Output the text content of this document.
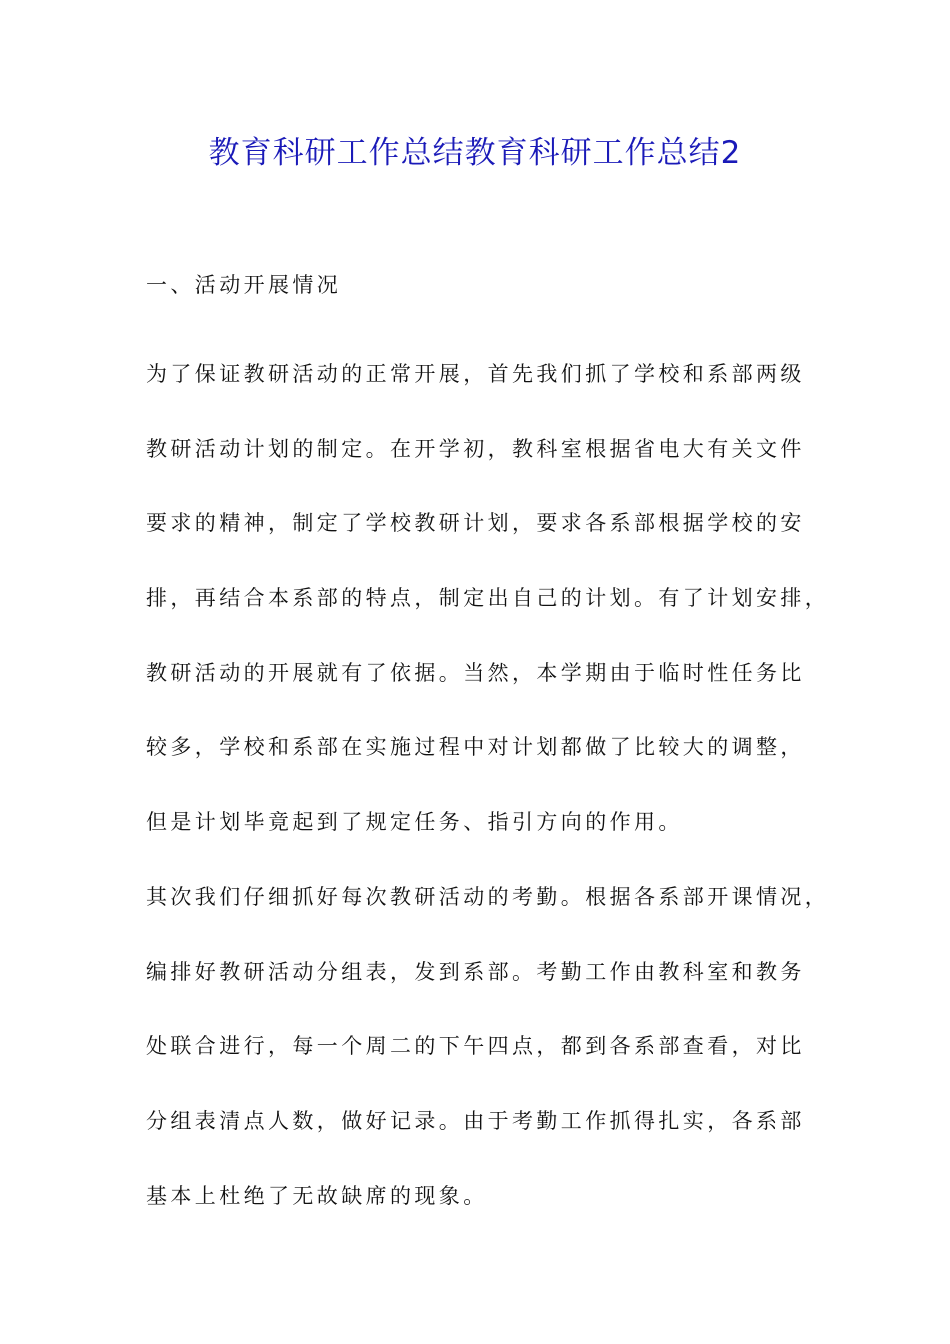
教育科研工作总结教育科研工作总结2
一、活动开展情况

为了保证教研活动的正常开展，首先我们抓了学校和系部两级
教研活动计划的制定。在开学初，教科室根据省电大有关文件
要求的精神，制定了学校教研计划，要求各系部根据学校的安
排，再结合本系部的特点，制定出自己的计划。有了计划安排，
教研活动的开展就有了依据。当然，本学期由于临时性任务比
较多，学校和系部在实施过程中对计划都做了比较大的调整，
但是计划毕竟起到了规定任务、指引方向的作用。

其次我们仔细抓好每次教研活动的考勤。根据各系部开课情况，
编排好教研活动分组表，发到系部。考勤工作由教科室和教务
处联合进行，每一个周二的下午四点，都到各系部查看，对比
分组表清点人数，做好记录。由于考勤工作抓得扎实，各系部
基本上杜绝了无故缺席的现象。
